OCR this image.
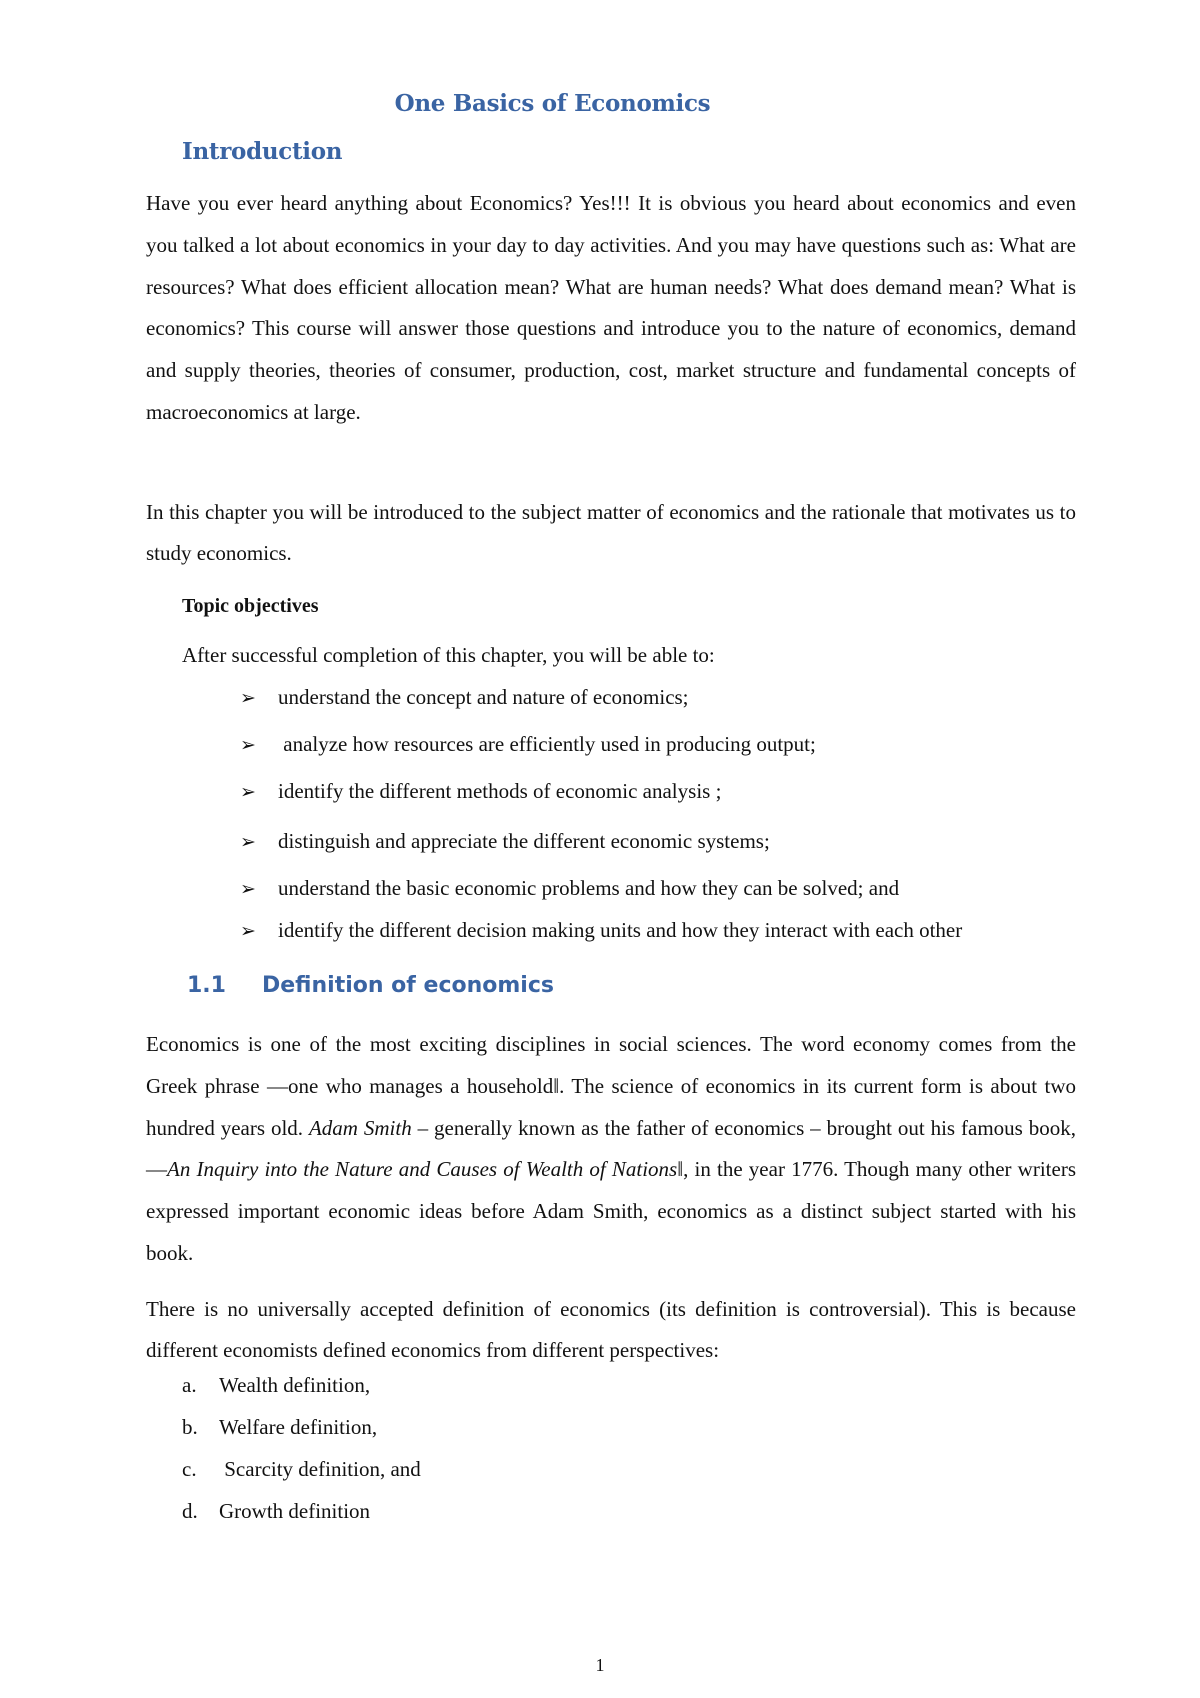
One Basics of Economics
Introduction

Have you ever heard anything about Economics? Yes!!! It is obvious you heard about economics and even you talked a lot about economics in your day to day activities. And you may have questions such as: What are resources? What does efficient allocation mean? What are human needs? What does demand mean? What is economics? This course will answer those questions and introduce you to the nature of economics, demand and supply theories, theories of consumer, production, cost, market structure and fundamental concepts of macroeconomics at large.

In this chapter you will be introduced to the subject matter of economics and the rationale that motivates us to study economics.

Topic objectives

After successful completion of this chapter, you will be able to:

➢ understand the concept and nature of economics;

➢ analyze how resources are efficiently used in producing output;

➢ identify the different methods of economic analysis ;

➢ distinguish and appreciate the different economic systems;

➢ understand the basic economic problems and how they can be solved; and

➢ identify the different decision making units and how they interact with each other

1.1 Definition of economics

Economics is one of the most exciting disciplines in social sciences. The word economy comes from the Greek phrase ―one who manages a household‖. The science of economics in its current form is about two hundred years old. Adam Smith – generally known as the father of economics – brought out his famous book, ―An Inquiry into the Nature and Causes of Wealth of Nations‖, in the year 1776. Though many other writers expressed important economic ideas before Adam Smith, economics as a distinct subject started with his book.

There is no universally accepted definition of economics (its definition is controversial). This is because different economists defined economics from different perspectives:

a. Wealth definition,

b. Welfare definition,

c. Scarcity definition, and

d. Growth definition

1
